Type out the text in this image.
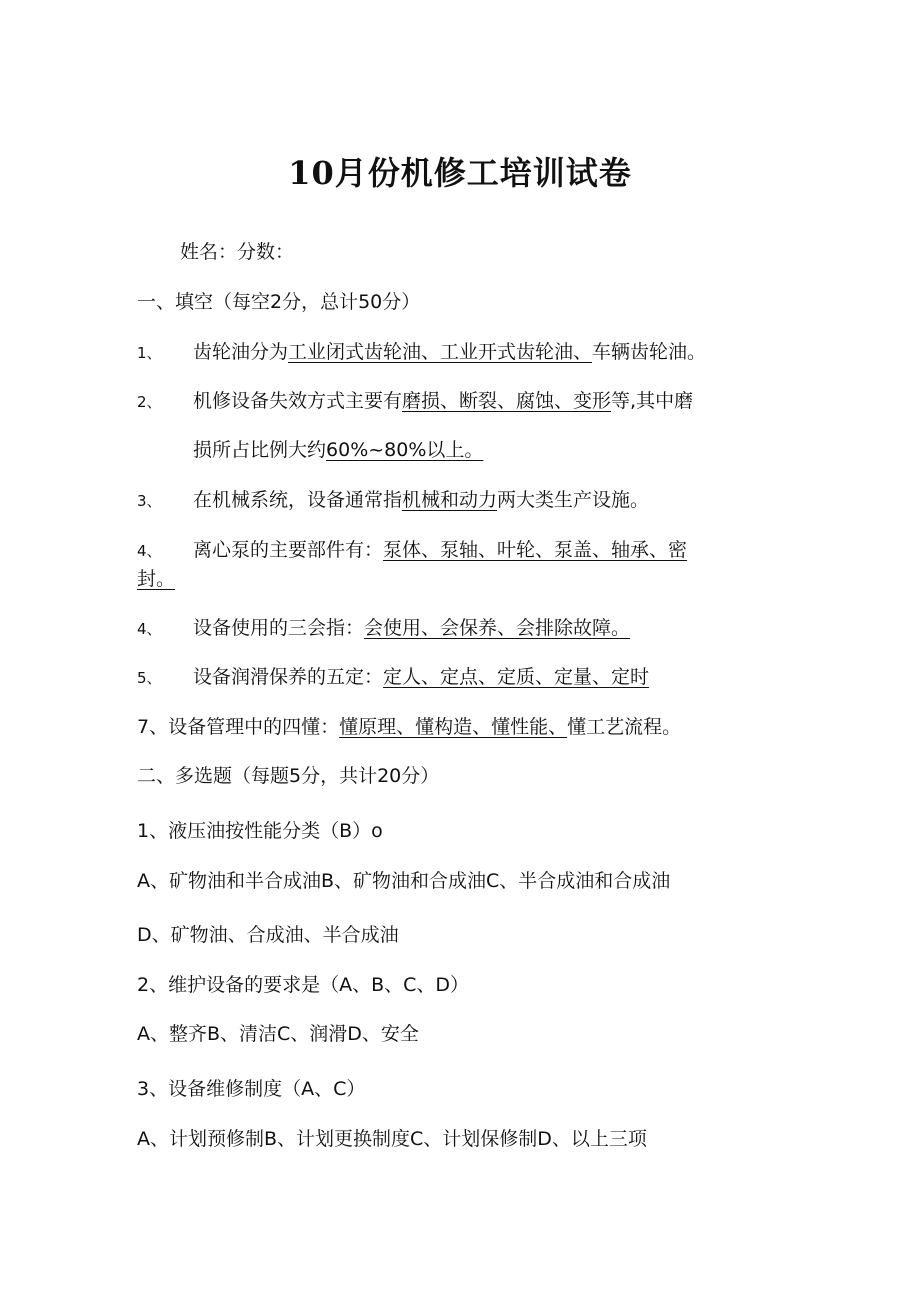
10月份机修工培训试卷
姓名：分数：
一、填空（每空2分，总计50分）
1、 齿轮油分为工业闭式齿轮油、工业开式齿轮油、车辆齿轮油。
2、 机修设备失效方式主要有磨损、断裂、腐蚀、变形等,其中磨
损所占比例大约60%~80%以上。
3、 在机械系统，设备通常指机械和动力两大类生产设施。
4、 离心泵的主要部件有：泵体、泵轴、叶轮、泵盖、轴承、密
封。
4、 设备使用的三会指：会使用、会保养、会排除故障。
5、 设备润滑保养的五定：定人、定点、定质、定量、定时
7、设备管理中的四懂：懂原理、懂构造、懂性能、懂工艺流程。
二、多选题（每题5分，共计20分）
1、液压油按性能分类（B）o
A、矿物油和半合成油B、矿物油和合成油C、半合成油和合成油
D、矿物油、合成油、半合成油
2、维护设备的要求是（A、B、C、D）
A、整齐B、清洁C、润滑D、安全
3、设备维修制度（A、C）
A、计划预修制B、计划更换制度C、计划保修制D、以上三项
